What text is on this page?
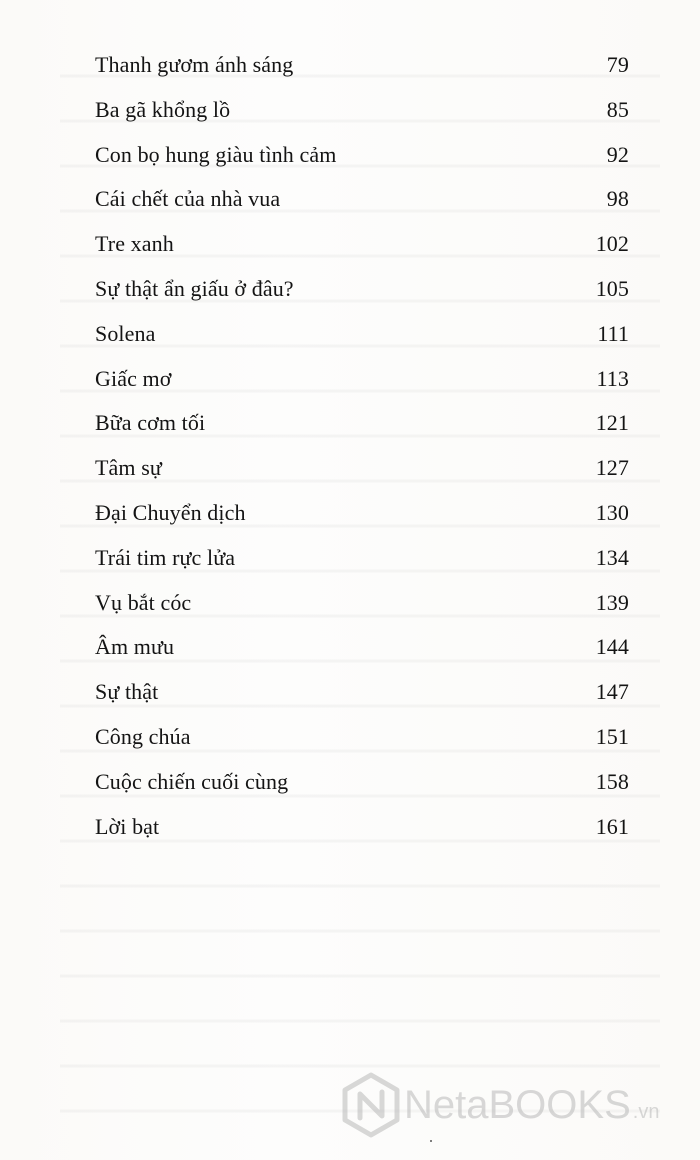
Thanh gươm ánh sáng	79
Ba gã khổng lồ	85
Con bọ hung giàu tình cảm	92
Cái chết của nhà vua	98
Tre xanh	102
Sự thật ẩn giấu ở đâu?	105
Solena	111
Giấc mơ	113
Bữa cơm tối	121
Tâm sự	127
Đại Chuyển dịch	130
Trái tim rực lửa	134
Vụ bắt cóc	139
Âm mưu	144
Sự thật	147
Công chúa	151
Cuộc chiến cuối cùng	158
Lời bạt	161
NetaBOOKS .vn
